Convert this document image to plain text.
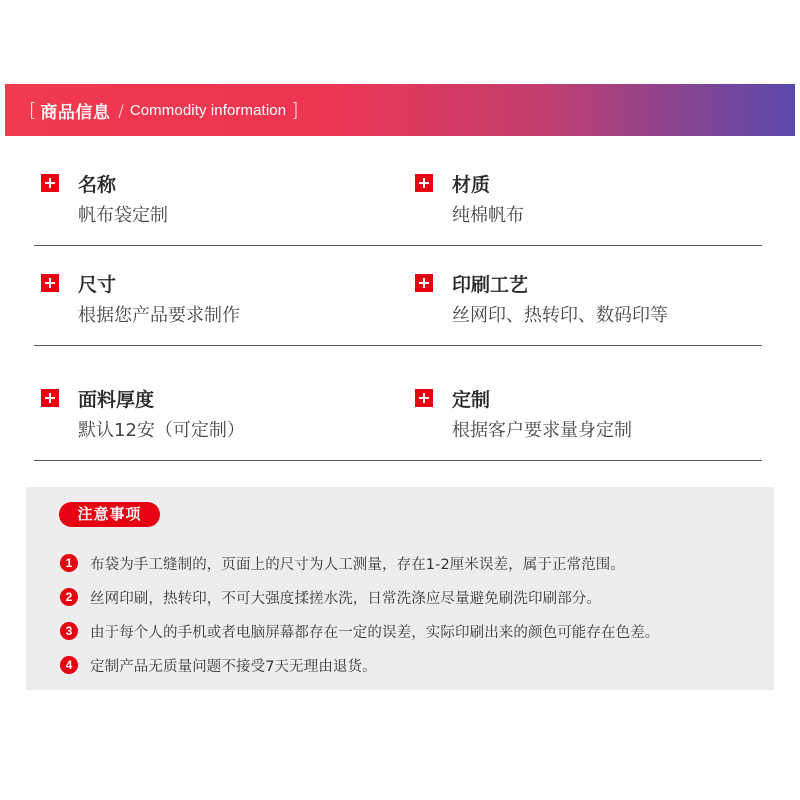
[ 商品信息 / Commodity information ]
名称
帆布袋定制
材质
纯棉帆布
尺寸
根据您产品要求制作
印刷工艺
丝网印、热转印、数码印等
面料厚度
默认12安（可定制）
定制
根据客户要求量身定制
注意事项
1	布袋为手工缝制的，页面上的尺寸为人工测量，存在1-2厘米误差，属于正常范围。
2	丝网印刷，热转印，不可大强度揉搓水洗，日常洗涤应尽量避免刷洗印刷部分。
3	由于每个人的手机或者电脑屏幕都存在一定的误差，实际印刷出来的颜色可能存在色差。
4	定制产品无质量问题不接受7天无理由退货。
